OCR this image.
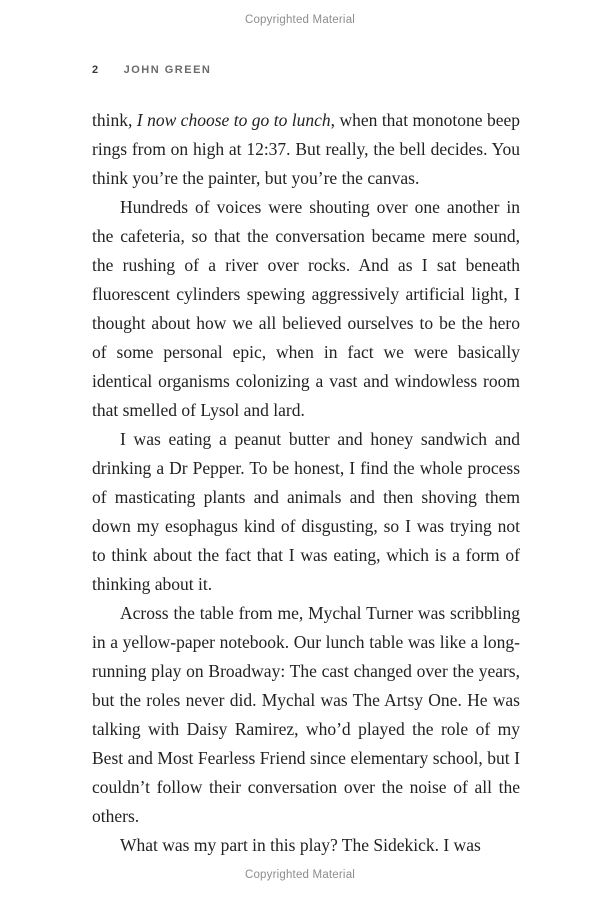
Copyrighted Material
2 JOHN GREEN

think, I now choose to go to lunch, when that monotone beep rings from on high at 12:37. But really, the bell decides. You think you’re the painter, but you’re the canvas.

Hundreds of voices were shouting over one another in the cafeteria, so that the conversation became mere sound, the rushing of a river over rocks. And as I sat beneath fluorescent cylinders spewing aggressively artificial light, I thought about how we all believed ourselves to be the hero of some personal epic, when in fact we were basically identical organisms colonizing a vast and windowless room that smelled of Lysol and lard.

I was eating a peanut butter and honey sandwich and drinking a Dr Pepper. To be honest, I find the whole process of masticating plants and animals and then shoving them down my esophagus kind of disgusting, so I was trying not to think about the fact that I was eating, which is a form of thinking about it.

Across the table from me, Mychal Turner was scribbling in a yellow-paper notebook. Our lunch table was like a long-running play on Broadway: The cast changed over the years, but the roles never did. Mychal was The Artsy One. He was talking with Daisy Ramirez, who’d played the role of my Best and Most Fearless Friend since elementary school, but I couldn’t follow their conversation over the noise of all the others.

What was my part in this play? The Sidekick. I was

Copyrighted Material
